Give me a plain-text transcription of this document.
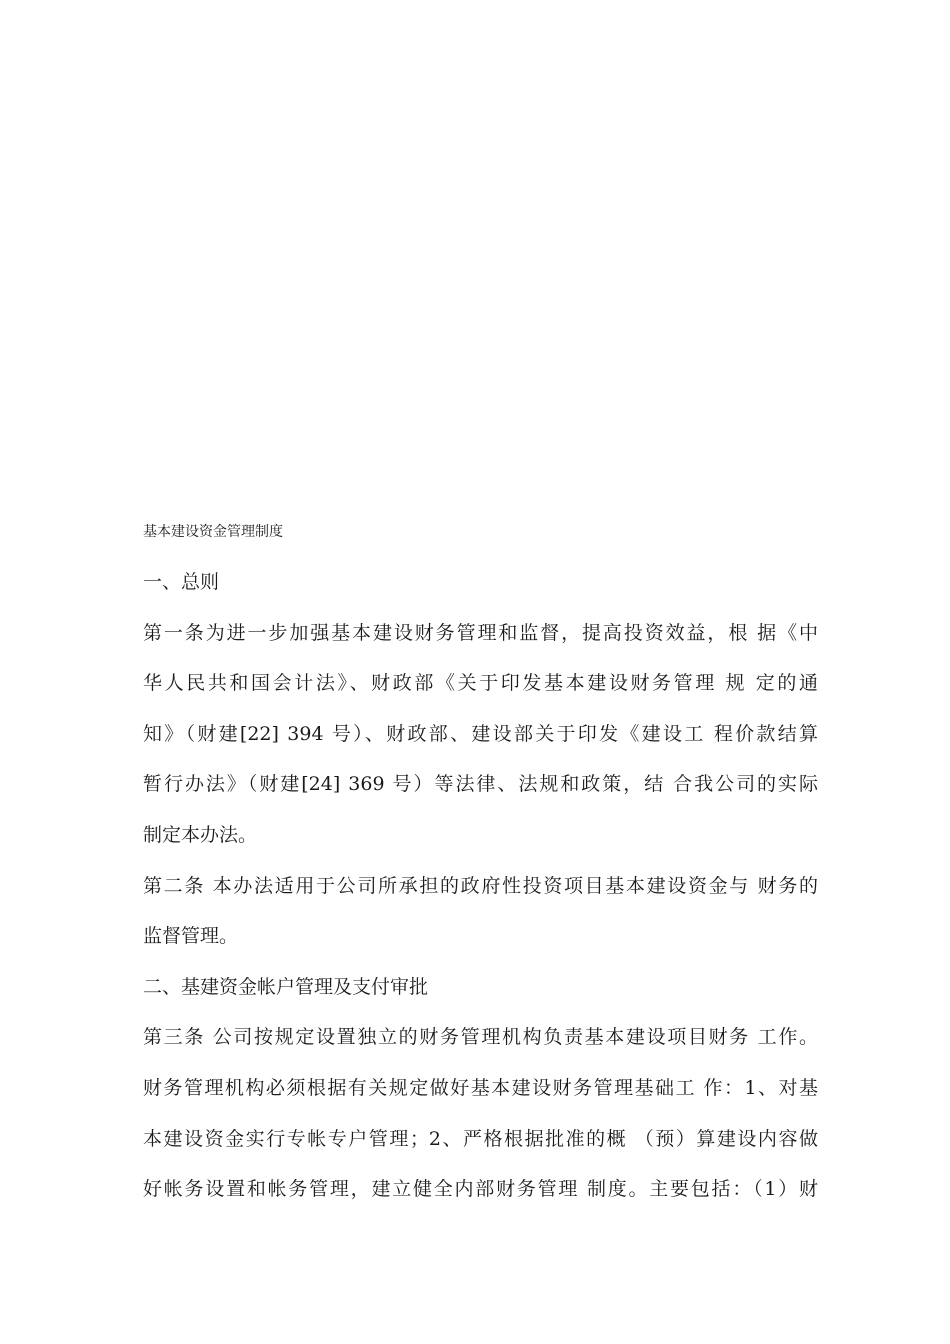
基本建设资金管理制度
一、总则
第一条为进一步加强基本建设财务管理和监督，提高投资效益，根 据《中
华人民共和国会计法》、财政部《关于印发基本建设财务管理 规 定的通
知》（财建[22] 394 号）、财政部、建设部关于印发《建设工 程价款结算
暂行办法》（财建[24] 369 号）等法律、法规和政策，结 合我公司的实际
制定本办法。
第二条 本办法适用于公司所承担的政府性投资项目基本建设资金与 财务的
监督管理。
二、基建资金帐户管理及支付审批
第三条 公司按规定设置独立的财务管理机构负责基本建设项目财务 工作。
财务管理机构必须根据有关规定做好基本建设财务管理基础工 作：1、对基
本建设资金实行专帐专户管理；2、严格根据批准的概 （预）算建设内容做
好帐务设置和帐务管理，建立健全内部财务管理 制度。主要包括：（1）财
